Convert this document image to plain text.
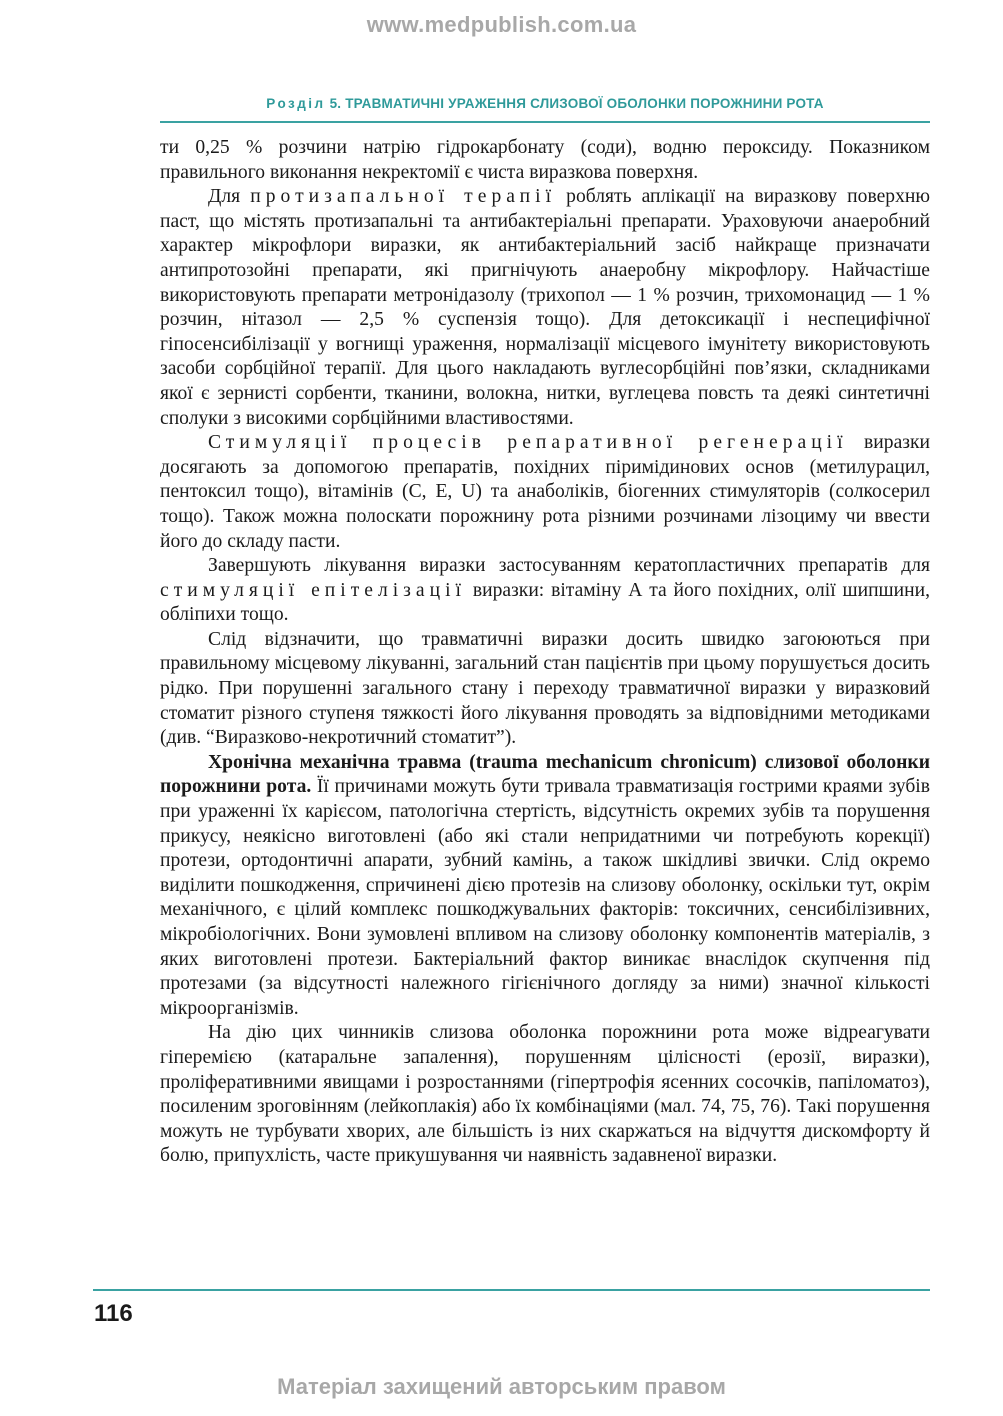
www.medpublish.com.ua
Розділ 5. ТРАВМАТИЧНІ УРАЖЕННЯ СЛИЗОВОЇ ОБОЛОНКИ ПОРОЖНИНИ РОТА

ти 0,25 % розчини натрію гідрокарбонату (соди), водню пероксиду. Показником правильного виконання некректомії є чиста виразкова поверхня.

Для протизапальної терапії роблять аплікації на виразкову поверхню паст, що містять протизапальні та антибактеріальні препарати. Ураховуючи анаеробний характер мікрофлори виразки, як антибактеріальний засіб найкраще призначати антипротозойні препарати, які пригнічують анаеробну мікрофлору. Найчастіше використовують препарати метронідазолу (трихопол — 1 % розчин, трихомонацид — 1 % розчин, нітазол — 2,5 % суспензія тощо). Для детоксикації і неспецифічної гіпосенсибілізації у вогнищі ураження, нормалізації місцевого імунітету використовують засоби сорбційної терапії. Для цього накладають вуглесорбційні пов’язки, складниками якої є зернисті сорбенти, тканини, волокна, нитки, вуглецева повсть та деякі синтетичні сполуки з високими сорбційними властивостями.

Стимуляції процесів репаративної регенерації виразки досягають за допомогою препаратів, похідних піримідинових основ (метилурацил, пентоксил тощо), вітамінів (С, Е, U) та анаболіків, біогенних стимуляторів (солкосерил тощо). Також можна полоскати порожнину рота різними розчинами лізоциму чи ввести його до складу пасти.

Завершують лікування виразки застосуванням кератопластичних препаратів для стимуляції епітелізації виразки: вітаміну А та його похідних, олії шипшини, обліпихи тощо.

Слід відзначити, що травматичні виразки досить швидко загоюються при правильному місцевому лікуванні, загальний стан пацієнтів при цьому порушується досить рідко. При порушенні загального стану і переходу травматичної виразки у виразковий стоматит різного ступеня тяжкості його лікування проводять за відповідними методиками (див. “Виразково-некротичний стоматит”).

Хронічна механічна травма (trauma mechanicum chronicum) слизової оболонки порожнини рота. Її причинами можуть бути тривала травматизація гострими краями зубів при ураженні їх карієсом, патологічна стертість, відсутність окремих зубів та порушення прикусу, неякісно виготовлені (або які стали непридатними чи потребують корекції) протези, ортодонтичні апарати, зубний камінь, а також шкідливі звички. Слід окремо виділити пошкодження, спричинені дією протезів на слизову оболонку, оскільки тут, окрім механічного, є цілий комплекс пошкоджувальних факторів: токсичних, сенсибілізивних, мікробіологічних. Вони зумовлені впливом на слизову оболонку компонентів матеріалів, з яких виготовлені протези. Бактеріальний фактор виникає внаслідок скупчення під протезами (за відсутності належного гігієнічного догляду за ними) значної кількості мікроорганізмів.

На дію цих чинників слизова оболонка порожнини рота може відреагувати гіперемією (катаральне запалення), порушенням цілісності (ерозії, виразки), проліферативними явищами і розростаннями (гіпертрофія ясенних сосочків, папіломатоз), посиленим зроговінням (лейкоплакія) або їх комбінаціями (мал. 74, 75, 76). Такі порушення можуть не турбувати хворих, але більшість із них скаржаться на відчуття дискомфорту й болю, припухлість, часте прикушування чи наявність задавненої виразки.

116
Матеріал захищений авторським правом
